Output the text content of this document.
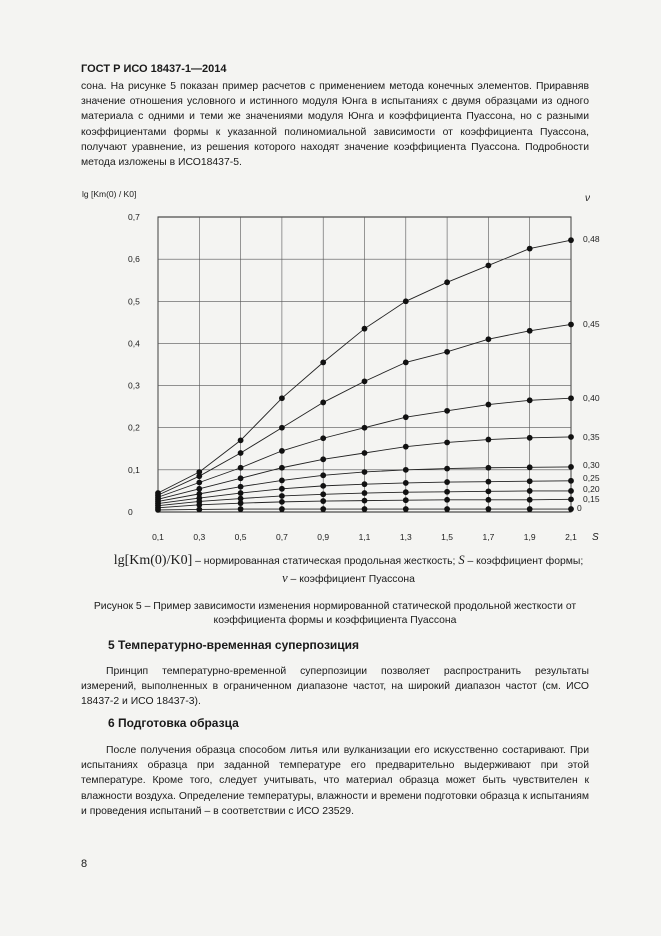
ГОСТ Р ИСО 18437-1—2014
сона. На рисунке 5 показан пример расчетов с применением метода конечных элементов. Приравняв значение отношения условного и истинного модуля Юнга в испытаниях с двумя образцами из одного материала с одними и теми же значениями модуля Юнга и коэффициента Пуассона, но с разными коэффициентами формы к указанной полиномиальной зависимости от коэффициента Пуассона, получают уравнение, из решения которого находят значение коэффициента Пуассона. Подробности метода изложены в ИСО18437-5.
0,1	0,3	0,5	0,7	0,9	1,1	1,3	1,5	1,7	1,9	2,1
0
0,1
0,2
0,3
0,4
0,5
0,6
0,7
lg [Km(0) / K0]
S
ν
0,48
0,45
0,40
0,35
0,30
0,25
0,20
0,15
0
lg[Km(0)/K0] – нормированная статическая продольная жесткость; S – коэффициент формы;
ν – коэффициент Пуассона
Рисунок 5 – Пример зависимости изменения нормированной статической продольной жесткости от коэффициента формы и коэффициента Пуассона
5 Температурно-временная суперпозиция
Принцип температурно-временной суперпозиции позволяет распространить результаты измерений, выполненных в ограниченном диапазоне частот, на широкий диапазон частот (см. ИСО 18437-2 и ИСО 18437-3).
6 Подготовка образца
После получения образца способом литья или вулканизации его искусственно состаривают. При испытаниях образца при заданной температуре его предварительно выдерживают при этой температуре. Кроме того, следует учитывать, что материал образца может быть чувствителен к влажности воздуха. Определение температуры, влажности и времени подготовки образца к испытаниям и проведения испытаний – в соответствии с ИСО 23529.
8
